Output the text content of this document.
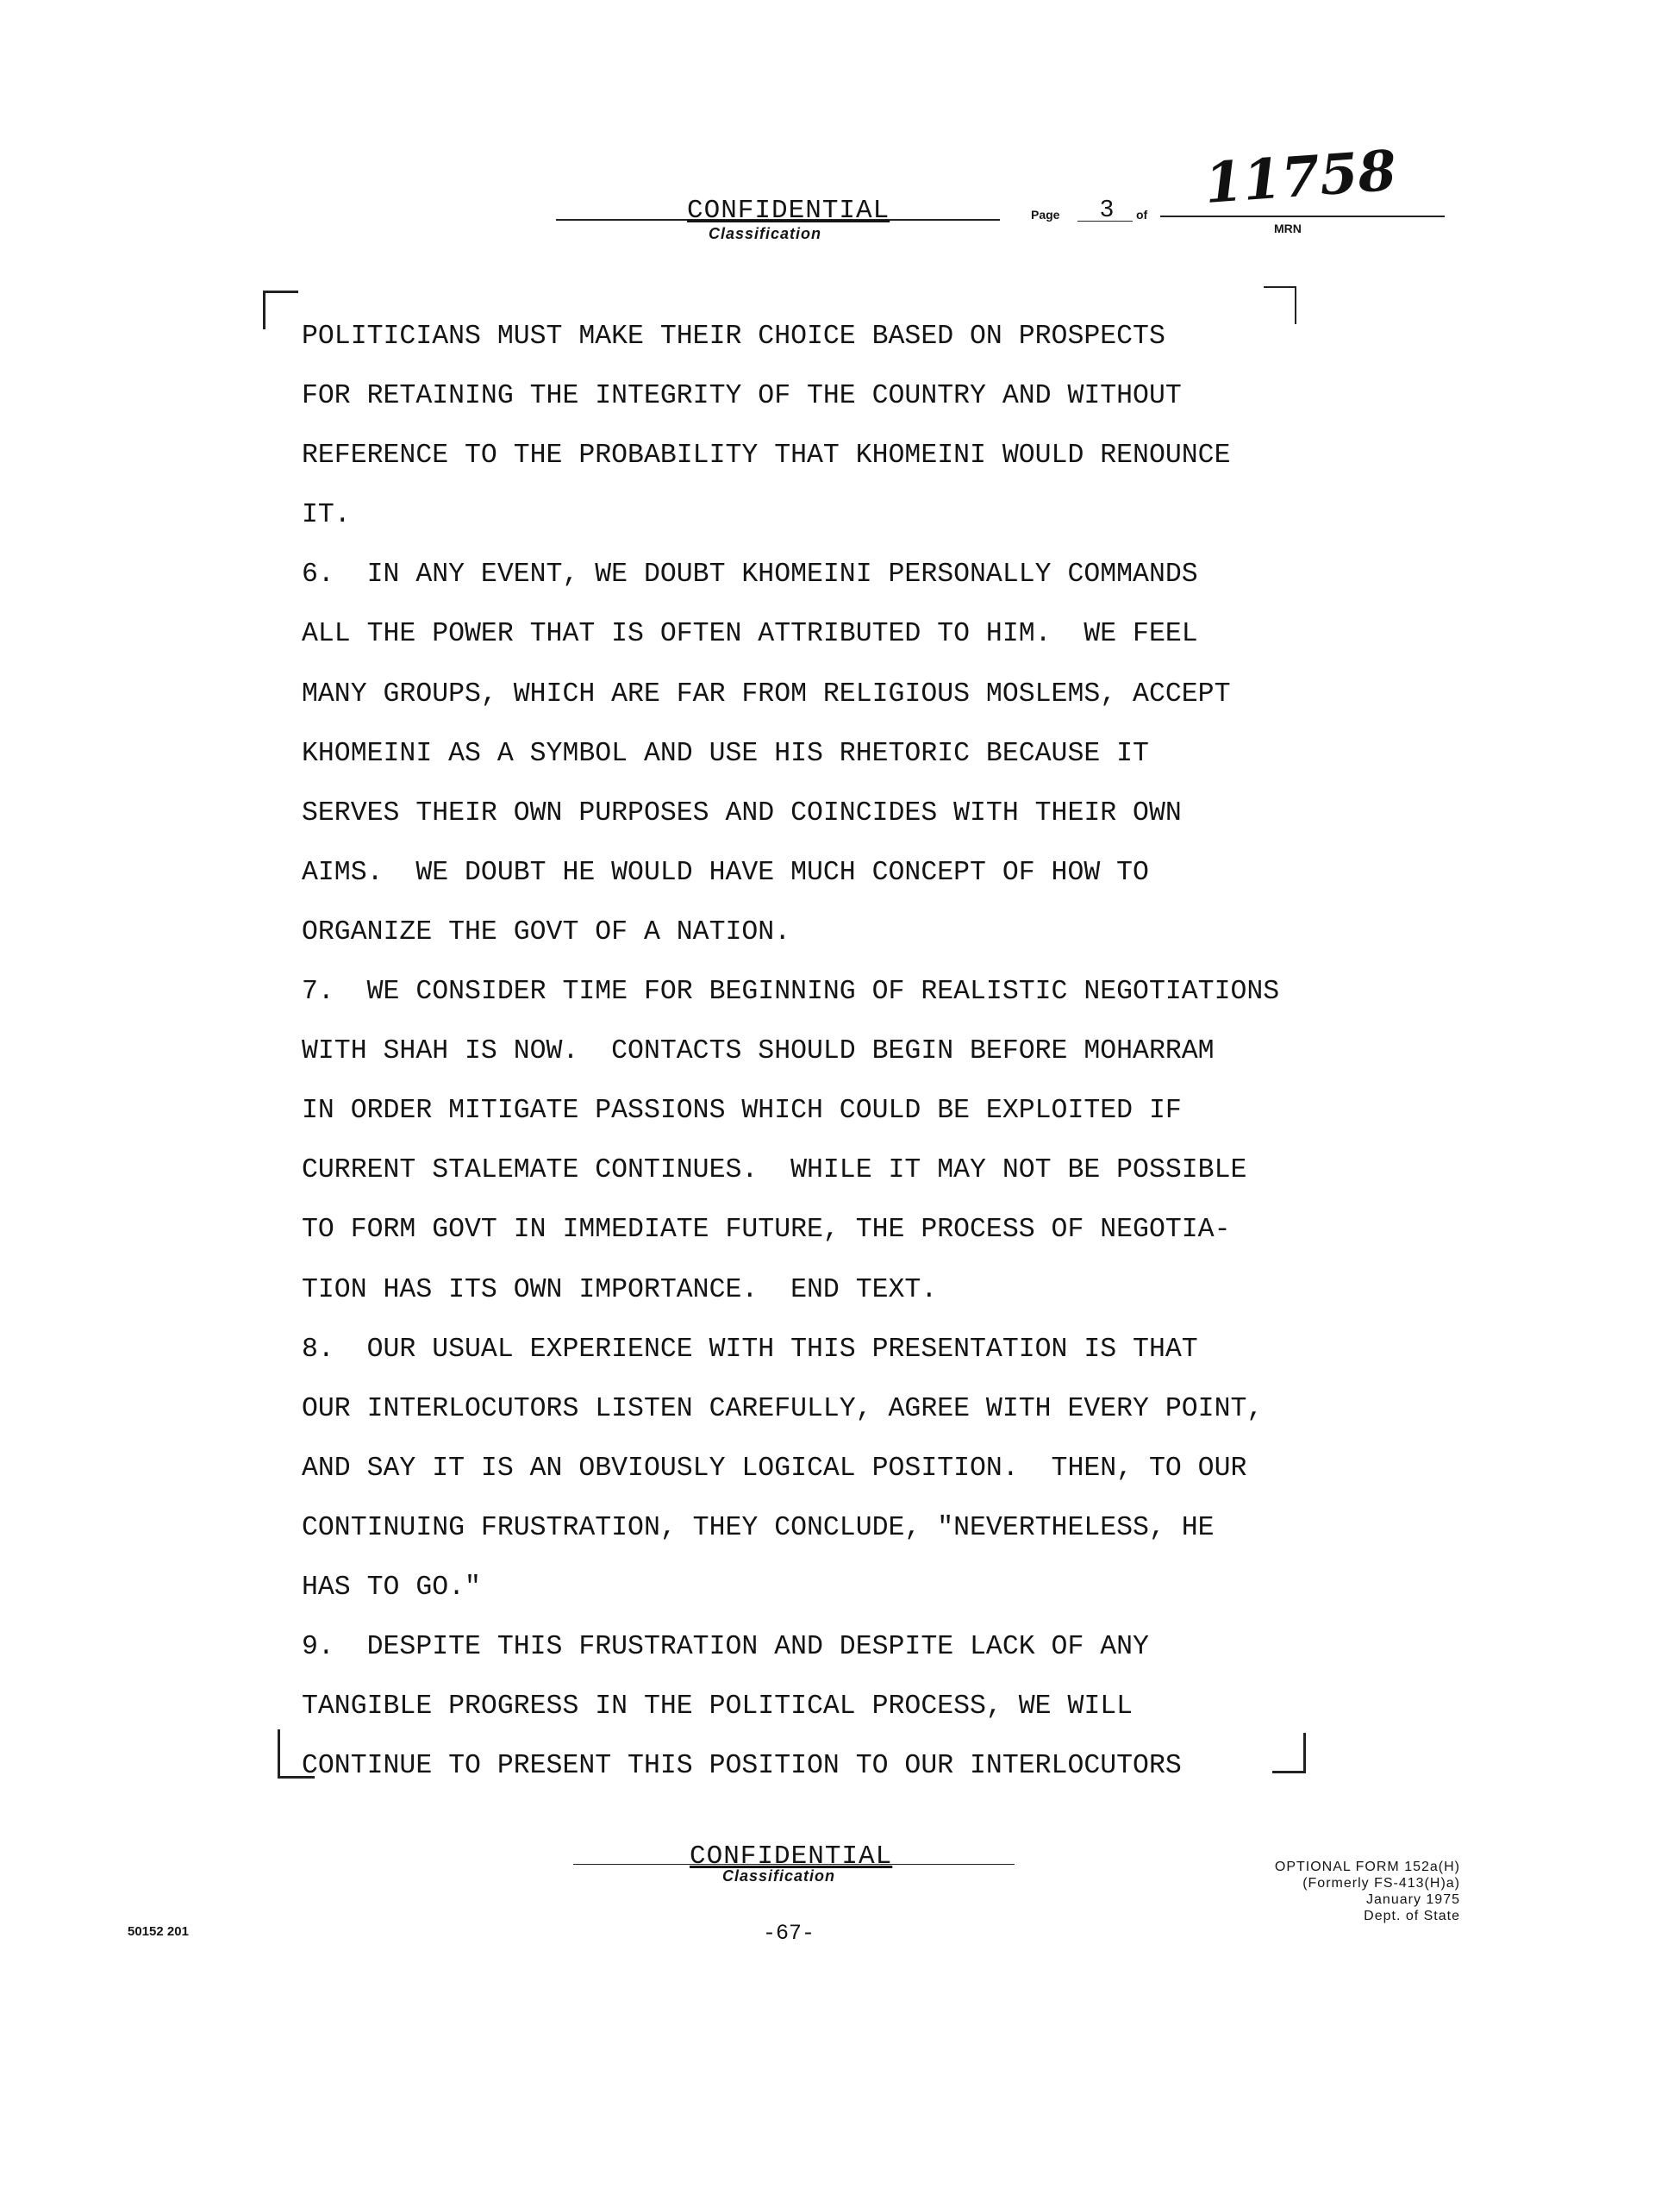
CONFIDENTIAL
Classification
Page	3	of 11758
MRN
POLITICIANS MUST MAKE THEIR CHOICE BASED ON PROSPECTS
FOR RETAINING THE INTEGRITY OF THE COUNTRY AND WITHOUT
REFERENCE TO THE PROBABILITY THAT KHOMEINI WOULD RENOUNCE
IT.
6.  IN ANY EVENT, WE DOUBT KHOMEINI PERSONALLY COMMANDS
ALL THE POWER THAT IS OFTEN ATTRIBUTED TO HIM.  WE FEEL
MANY GROUPS, WHICH ARE FAR FROM RELIGIOUS MOSLEMS, ACCEPT
KHOMEINI AS A SYMBOL AND USE HIS RHETORIC BECAUSE IT
SERVES THEIR OWN PURPOSES AND COINCIDES WITH THEIR OWN
AIMS.  WE DOUBT HE WOULD HAVE MUCH CONCEPT OF HOW TO
ORGANIZE THE GOVT OF A NATION.
7.  WE CONSIDER TIME FOR BEGINNING OF REALISTIC NEGOTIATIONS
WITH SHAH IS NOW.  CONTACTS SHOULD BEGIN BEFORE MOHARRAM
IN ORDER MITIGATE PASSIONS WHICH COULD BE EXPLOITED IF
CURRENT STALEMATE CONTINUES.  WHILE IT MAY NOT BE POSSIBLE
TO FORM GOVT IN IMMEDIATE FUTURE, THE PROCESS OF NEGOTIA-
TION HAS ITS OWN IMPORTANCE.  END TEXT.
8.  OUR USUAL EXPERIENCE WITH THIS PRESENTATION IS THAT
OUR INTERLOCUTORS LISTEN CAREFULLY, AGREE WITH EVERY POINT,
AND SAY IT IS AN OBVIOUSLY LOGICAL POSITION.  THEN, TO OUR
CONTINUING FRUSTRATION, THEY CONCLUDE, "NEVERTHELESS, HE
HAS TO GO."
9.  DESPITE THIS FRUSTRATION AND DESPITE LACK OF ANY
TANGIBLE PROGRESS IN THE POLITICAL PROCESS, WE WILL
CONTINUE TO PRESENT THIS POSITION TO OUR INTERLOCUTORS
CONFIDENTIAL
Classification
-67-
50152 201
OPTIONAL FORM 152a(H)
(Formerly FS-413(H)a)
January 1975
Dept. of State
